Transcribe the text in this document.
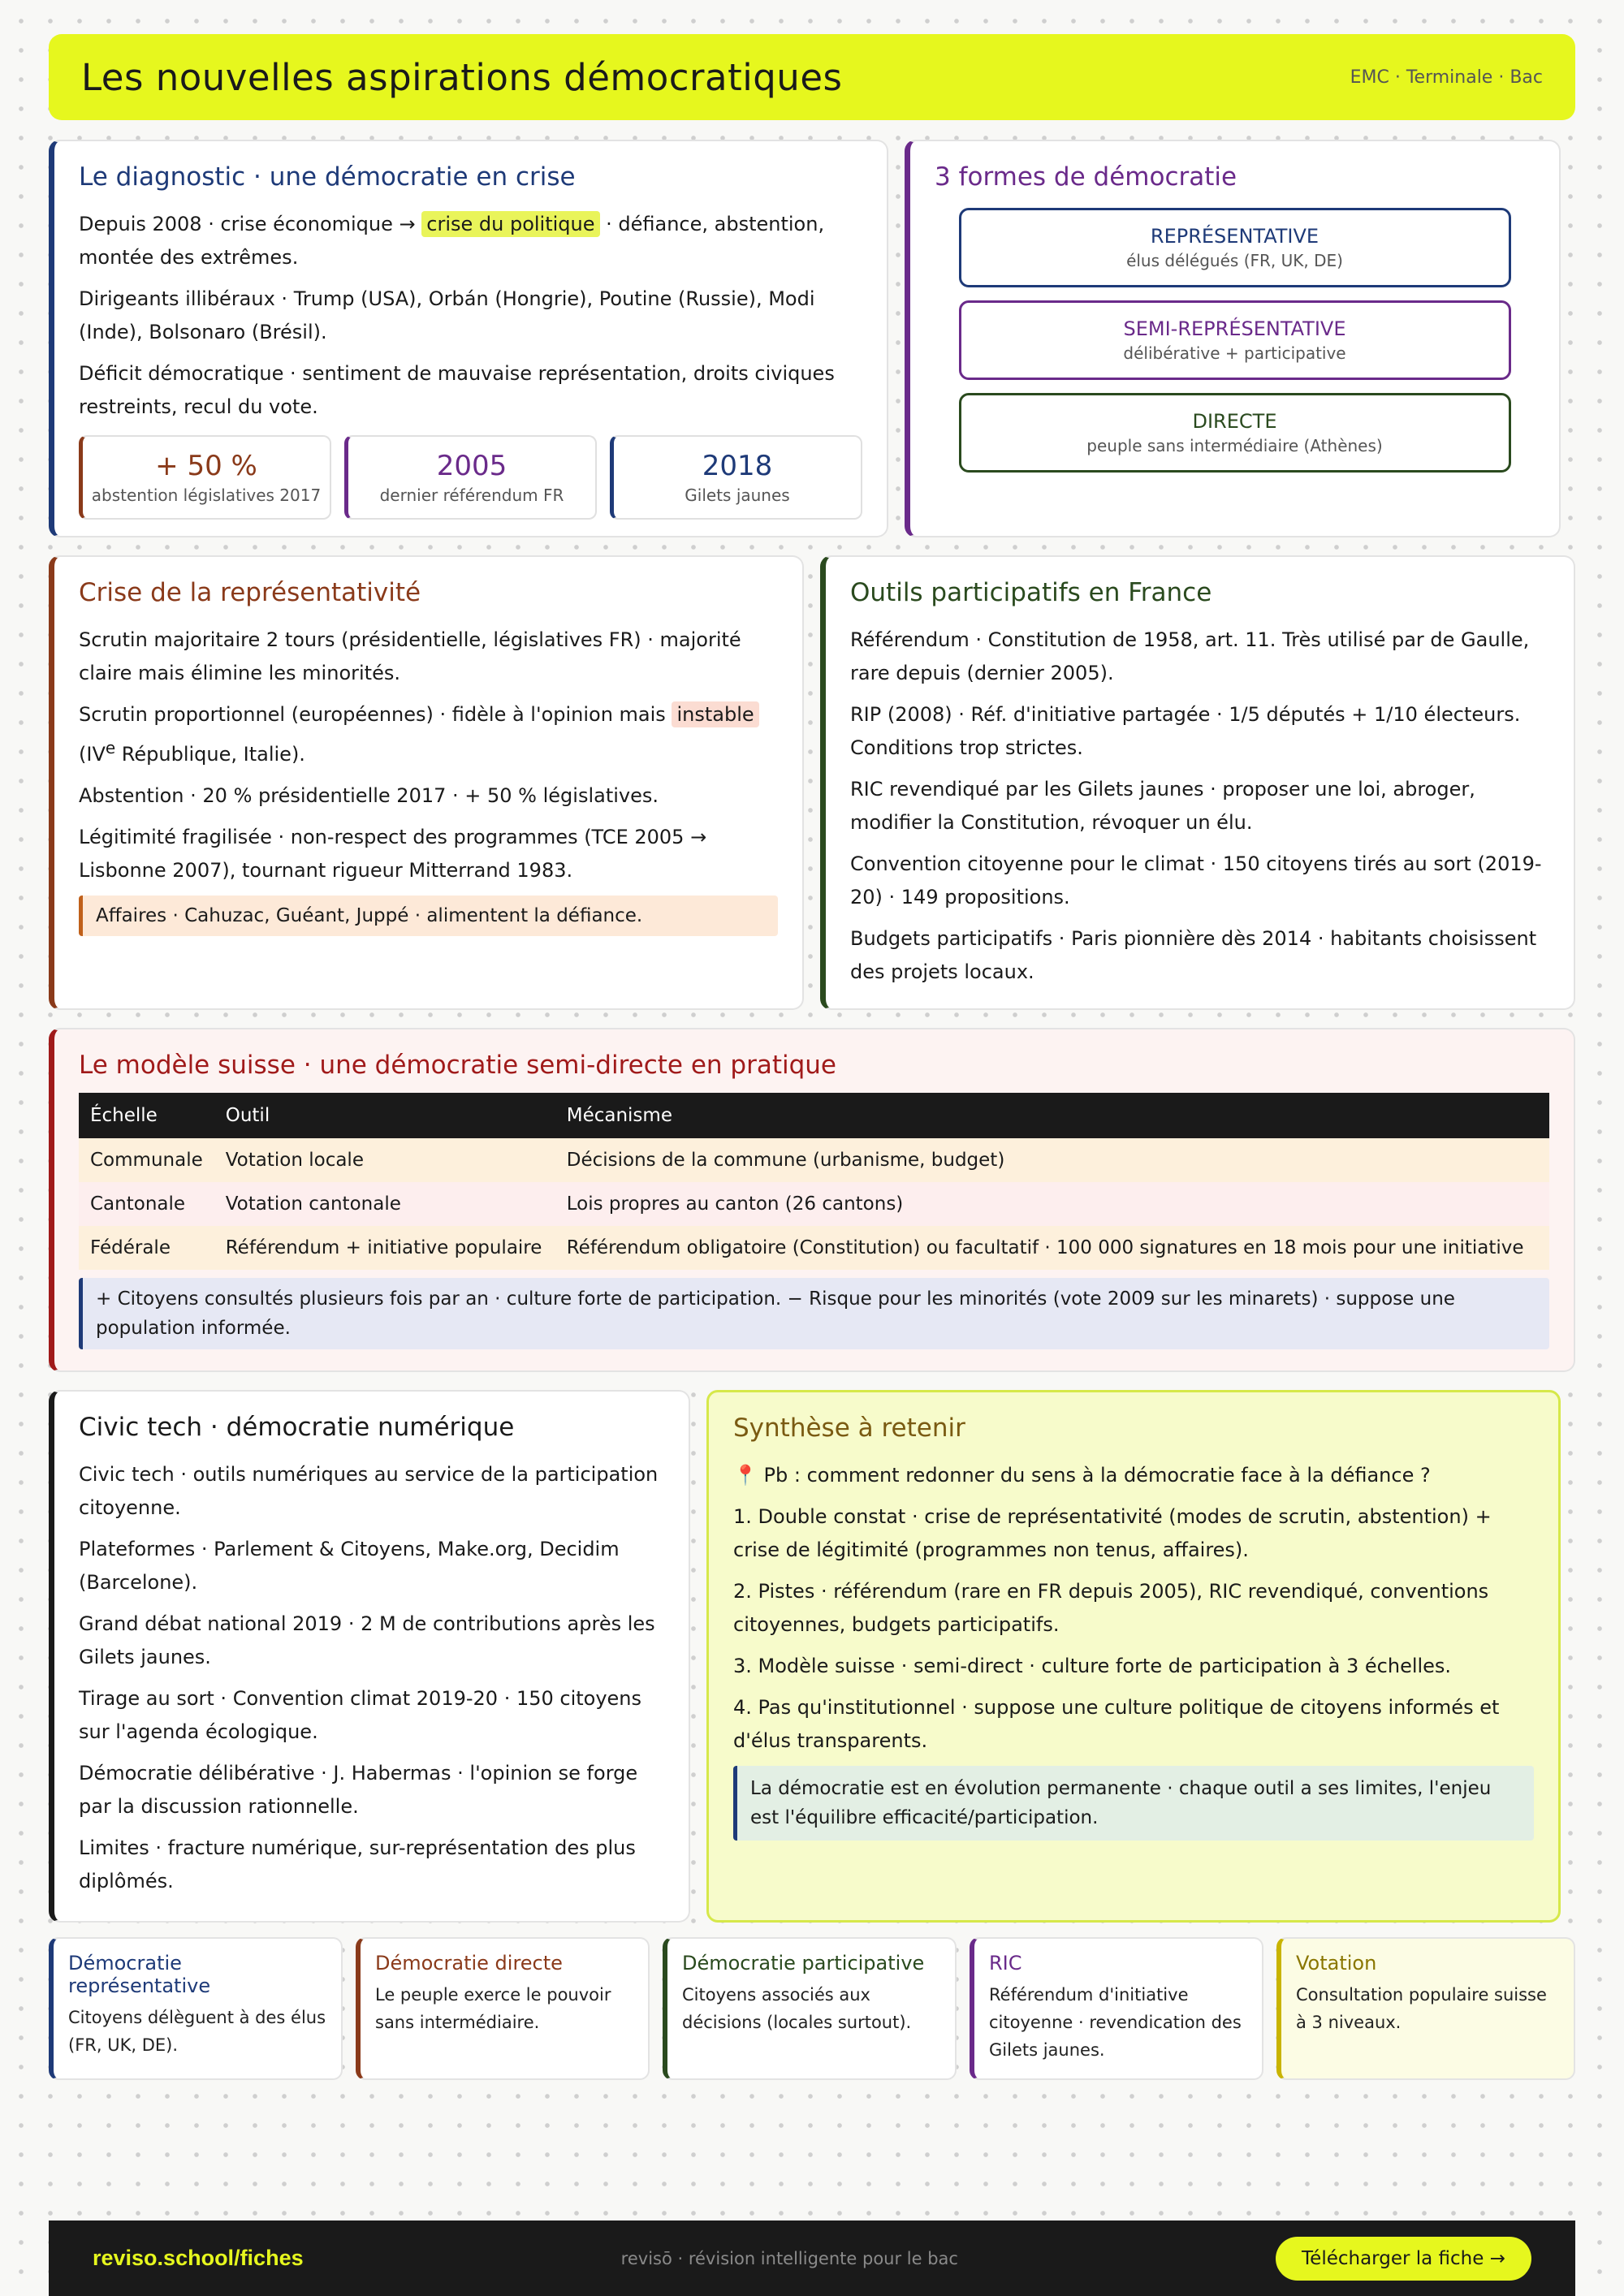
Les nouvelles aspirations démocratiques	EMC · Terminale · Bac
Le diagnostic · une démocratie en crise

Depuis 2008 · crise économique → crise du politique · défiance, abstention, montée des extrêmes.

Dirigeants illibéraux · Trump (USA), Orbán (Hongrie), Poutine (Russie), Modi (Inde), Bolsonaro (Brésil).

Déficit démocratique · sentiment de mauvaise représentation, droits civiques restreints, recul du vote.

+ 50 %
abstention législatives 2017
2005
dernier référendum FR
2018
Gilets jaunes
3 formes de démocratie
REPRÉSENTATIVE
élus délégués (FR, UK, DE)
SEMI-REPRÉSENTATIVE
délibérative + participative
DIRECTE
peuple sans intermédiaire (Athènes)
Crise de la représentativité

Scrutin majoritaire 2 tours (présidentielle, législatives FR) · majorité claire mais élimine les minorités.

Scrutin proportionnel (européennes) · fidèle à l'opinion mais instable (IVe République, Italie).

Abstention · 20 % présidentielle 2017 · + 50 % législatives.

Légitimité fragilisée · non-respect des programmes (TCE 2005 → Lisbonne 2007), tournant rigueur Mitterrand 1983.

Affaires · Cahuzac, Guéant, Juppé · alimentent la défiance.
Outils participatifs en France

Référendum · Constitution de 1958, art. 11. Très utilisé par de Gaulle, rare depuis (dernier 2005).

RIP (2008) · Réf. d'initiative partagée · 1/5 députés + 1/10 électeurs. Conditions trop strictes.

RIC revendiqué par les Gilets jaunes · proposer une loi, abroger, modifier la Constitution, révoquer un élu.

Convention citoyenne pour le climat · 150 citoyens tirés au sort (2019-20) · 149 propositions.

Budgets participatifs · Paris pionnière dès 2014 · habitants choisissent des projets locaux.

Le modèle suisse · une démocratie semi-directe en pratique
Échelle	Outil	Mécanisme
Communale	Votation locale	Décisions de la commune (urbanisme, budget)
Cantonale	Votation cantonale	Lois propres au canton (26 cantons)
Fédérale	Référendum + initiative populaire	Référendum obligatoire (Constitution) ou facultatif · 100 000 signatures en 18 mois pour une initiative
+ Citoyens consultés plusieurs fois par an · culture forte de participation. − Risque pour les minorités (vote 2009 sur les minarets) · suppose une population informée.
Civic tech · démocratie numérique

Civic tech · outils numériques au service de la participation citoyenne.

Plateformes · Parlement & Citoyens, Make.org, Decidim (Barcelone).

Grand débat national 2019 · 2 M de contributions après les Gilets jaunes.

Tirage au sort · Convention climat 2019-20 · 150 citoyens sur l'agenda écologique.

Démocratie délibérative · J. Habermas · l'opinion se forge par la discussion rationnelle.

Limites · fracture numérique, sur-représentation des plus diplômés.

Synthèse à retenir

📍 Pb : comment redonner du sens à la démocratie face à la défiance ?

1. Double constat · crise de représentativité (modes de scrutin, abstention) + crise de légitimité (programmes non tenus, affaires).

2. Pistes · référendum (rare en FR depuis 2005), RIC revendiqué, conventions citoyennes, budgets participatifs.

3. Modèle suisse · semi-direct · culture forte de participation à 3 échelles.

4. Pas qu'institutionnel · suppose une culture politique de citoyens informés et d'élus transparents.

La démocratie est en évolution permanente · chaque outil a ses limites, l'enjeu est l'équilibre efficacité/participation.
Démocratie représentative
Citoyens délèguent à des élus (FR, UK, DE).
Démocratie directe
Le peuple exerce le pouvoir sans intermédiaire.
Démocratie participative
Citoyens associés aux décisions (locales surtout).
RIC
Référendum d'initiative citoyenne · revendication des Gilets jaunes.
Votation
Consultation populaire suisse à 3 niveaux.
reviso.school/fiches	revisō · révision intelligente pour le bac	Télécharger la fiche →
